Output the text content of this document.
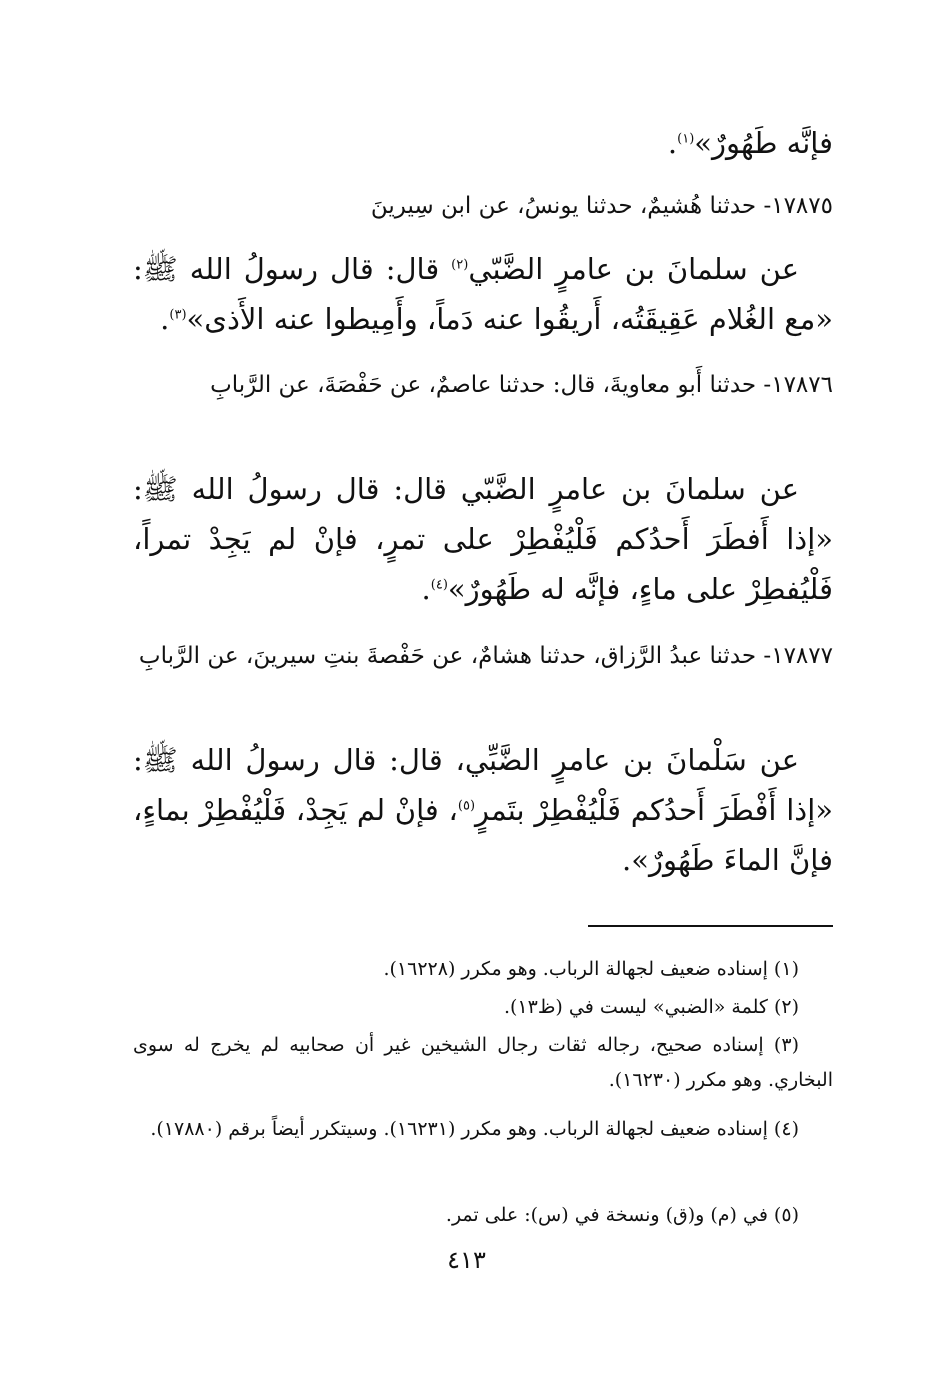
فإنَّه طَهُورٌ»$^{(١)}$.

١٧٨٧٥- حدثنا هُشيمٌ، حدثنا يونسُ، عن ابن سِيرينَ

عن سلمانَ بن عامرٍ الضَّبّي$^{(٢)}$ قال: قال رسولُ الله ﷺ: «مع الغُلام عَقِيقَتُه، أَريقُوا عنه دَماً، وأَمِيطوا عنه الأَذى»$^{(٣)}$.

١٧٨٧٦- حدثنا أَبو معاويةَ، قال: حدثنا عاصمٌ، عن حَفْصَةَ، عن الرَّبابِ

عن سلمانَ بن عامرٍ الضَّبّي قال: قال رسولُ الله ﷺ: «إذا أَفطَرَ أَحدُكم فَلْيُفْطِرْ على تمرٍ، فإنْ لم يَجِدْ تمراً، فَلْيُفطِرْ على ماءٍ، فإنَّه له طَهُورٌ»$^{(٤)}$.

١٧٨٧٧- حدثنا عبدُ الرَّزاق، حدثنا هشامٌ، عن حَفْصةَ بنتِ سيرينَ، عن الرَّبابِ

عن سَلْمانَ بن عامرٍ الضَّبِّي، قال: قال رسولُ الله ﷺ: «إذا أَفْطَرَ أَحدُكم فَلْيُفْطِرْ بتَمرٍ$^{(٥)}$، فإنْ لم يَجِدْ، فَلْيُفْطِرْ بماءٍ، فإنَّ الماءَ طَهُورٌ».

(١) إسناده ضعيف لجهالة الرباب. وهو مكرر (١٦٢٢٨).

(٢) كلمة «الضبي» ليست في (ظ١٣).

(٣) إسناده صحيح، رجاله ثقات رجال الشيخين غير أن صحابيه لم يخرج له سوى البخاري. وهو مكرر (١٦٢٣٠).

(٤) إسناده ضعيف لجهالة الرباب. وهو مكرر (١٦٢٣١). وسيتكرر أيضاً برقم (١٧٨٨٠).

(٥) في (م) و(ق) ونسخة في (س): على تمر.

٤١٣
